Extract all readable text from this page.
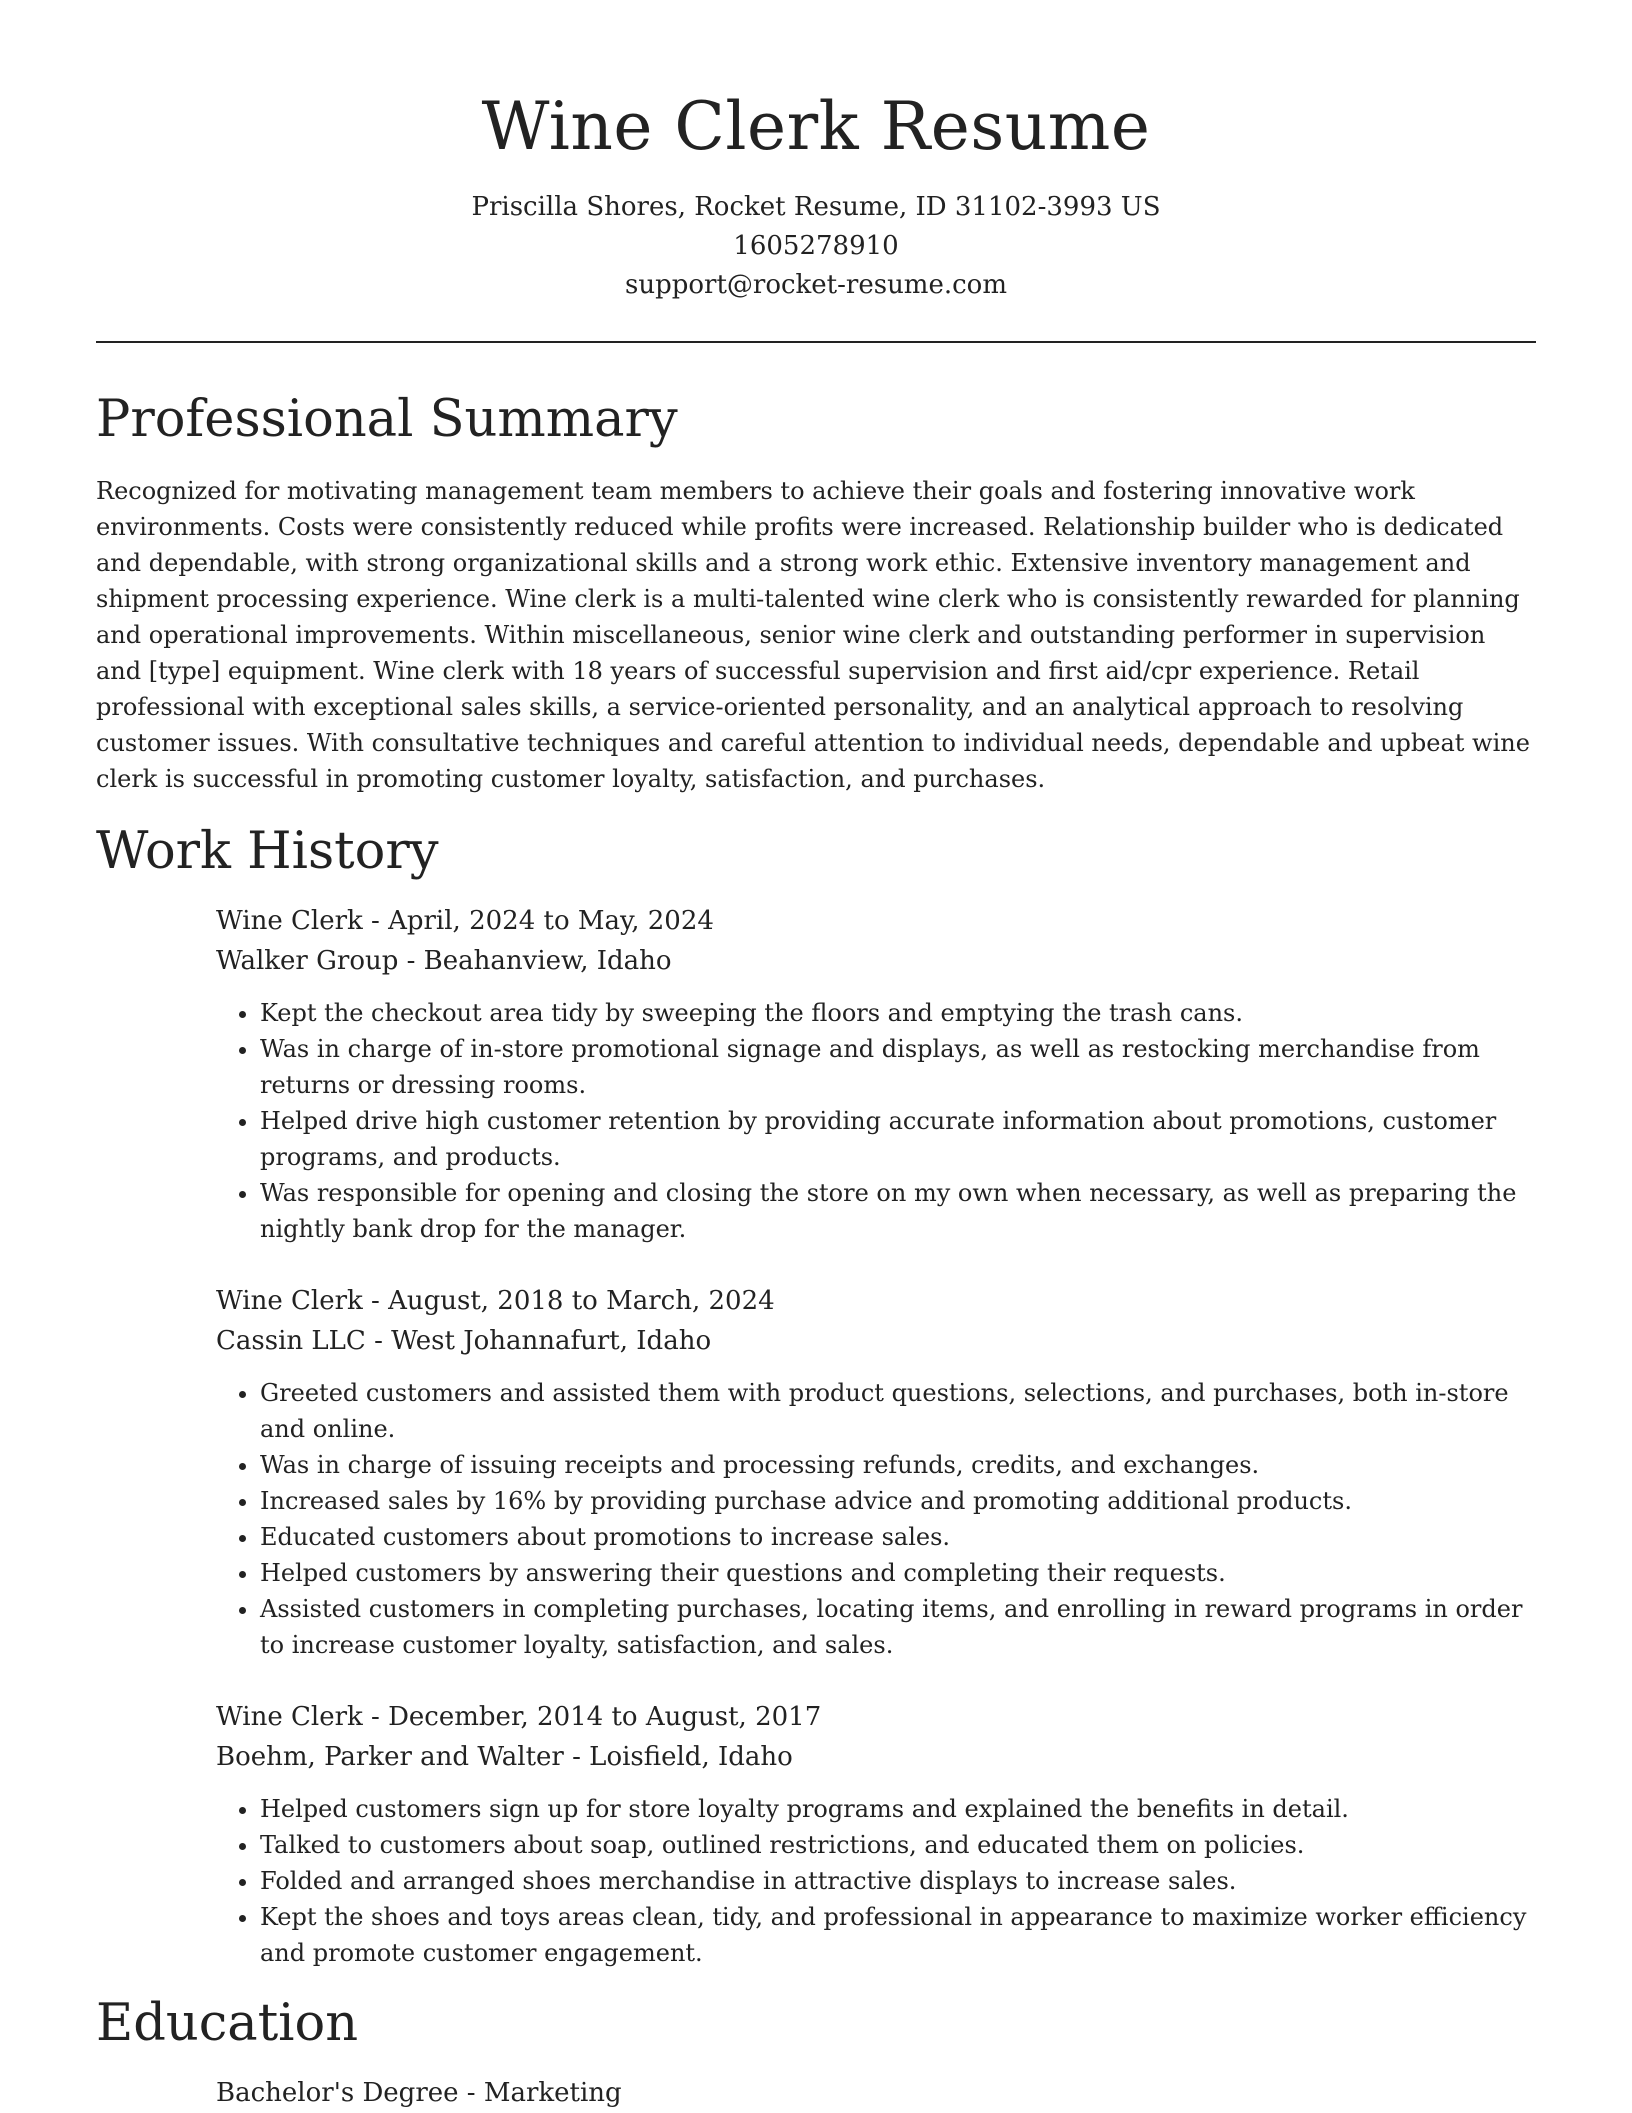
Wine Clerk Resume
Priscilla Shores, Rocket Resume, ID 31102-3993 US
1605278910
support@rocket-resume.com
Professional Summary

Recognized for motivating management team members to achieve their goals and fostering innovative work environments. Costs were consistently reduced while profits were increased. Relationship builder who is dedicated and dependable, with strong organizational skills and a strong work ethic. Extensive inventory management and shipment processing experience. Wine clerk is a multi-talented wine clerk who is consistently rewarded for planning and operational improvements. Within miscellaneous, senior wine clerk and outstanding performer in supervision and [type] equipment. Wine clerk with 18 years of successful supervision and first aid/cpr experience. Retail professional with exceptional sales skills, a service-oriented personality, and an analytical approach to resolving customer issues. With consultative techniques and careful attention to individual needs, dependable and upbeat wine clerk is successful in promoting customer loyalty, satisfaction, and purchases.

Work History
Wine Clerk - April, 2024 to May, 2024
Walker Group - Beahanview, Idaho
• Kept the checkout area tidy by sweeping the floors and emptying the trash cans.
• Was in charge of in-store promotional signage and displays, as well as restocking merchandise from returns or dressing rooms.
• Helped drive high customer retention by providing accurate information about promotions, customer programs, and products.
• Was responsible for opening and closing the store on my own when necessary, as well as preparing the nightly bank drop for the manager.
Wine Clerk - August, 2018 to March, 2024
Cassin LLC - West Johannafurt, Idaho
• Greeted customers and assisted them with product questions, selections, and purchases, both in-store and online.
• Was in charge of issuing receipts and processing refunds, credits, and exchanges.
• Increased sales by 16% by providing purchase advice and promoting additional products.
• Educated customers about promotions to increase sales.
• Helped customers by answering their questions and completing their requests.
• Assisted customers in completing purchases, locating items, and enrolling in reward programs in order to increase customer loyalty, satisfaction, and sales.
Wine Clerk - December, 2014 to August, 2017
Boehm, Parker and Walter - Loisfield, Idaho
• Helped customers sign up for store loyalty programs and explained the benefits in detail.
• Talked to customers about soap, outlined restrictions, and educated them on policies.
• Folded and arranged shoes merchandise in attractive displays to increase sales.
• Kept the shoes and toys areas clean, tidy, and professional in appearance to maximize worker efficiency and promote customer engagement.
Education
Bachelor's Degree - Marketing
